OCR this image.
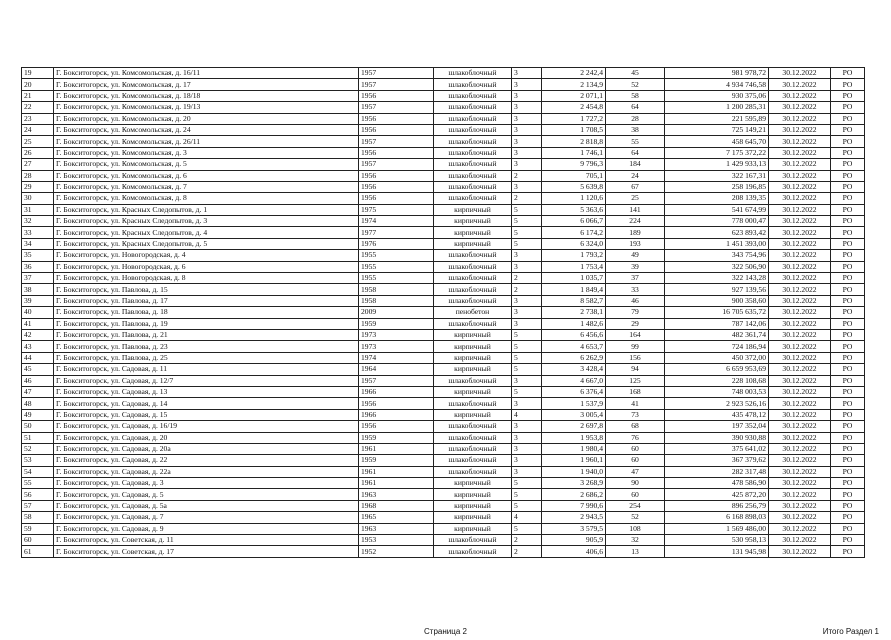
19	Г. Бокситогорск, ул. Комсомольская, д. 16/11	1957	шлакоблочный	3	2 242,4	45	981 978,72	30.12.2022	РО
20	Г. Бокситогорск, ул. Комсомольская, д. 17	1957	шлакоблочный	3	2 134,9	52	4 934 746,58	30.12.2022	РО
21	Г. Бокситогорск, ул. Комсомольская, д. 18/18	1956	шлакоблочный	3	2 071,1	58	930 375,06	30.12.2022	РО
22	Г. Бокситогорск, ул. Комсомольская, д. 19/13	1957	шлакоблочный	3	2 454,8	64	1 200 285,31	30.12.2022	РО
23	Г. Бокситогорск, ул. Комсомольская, д. 20	1956	шлакоблочный	3	1 727,2	28	221 595,89	30.12.2022	РО
24	Г. Бокситогорск, ул. Комсомольская, д. 24	1956	шлакоблочный	3	1 708,5	38	725 149,21	30.12.2022	РО
25	Г. Бокситогорск, ул. Комсомольская, д. 26/11	1957	шлакоблочный	3	2 818,8	55	458 645,70	30.12.2022	РО
26	Г. Бокситогорск, ул. Комсомольская, д. 3	1956	шлакоблочный	3	1 746,1	64	7 175 372,22	30.12.2022	РО
27	Г. Бокситогорск, ул. Комсомольская, д. 5	1957	шлакоблочный	3	9 796,3	184	1 429 933,13	30.12.2022	РО
28	Г. Бокситогорск, ул. Комсомольская, д. 6	1956	шлакоблочный	2	705,1	24	322 167,31	30.12.2022	РО
29	Г. Бокситогорск, ул. Комсомольская, д. 7	1956	шлакоблочный	3	5 639,8	67	258 196,85	30.12.2022	РО
30	Г. Бокситогорск, ул. Комсомольская, д. 8	1956	шлакоблочный	2	1 120,6	25	208 139,35	30.12.2022	РО
31	Г. Бокситогорск, ул. Красных Следопытов, д. 1	1975	кирпичный	5	5 363,6	141	541 674,99	30.12.2022	РО
32	Г. Бокситогорск, ул. Красных Следопытов, д. 3	1974	кирпичный	5	6 066,7	224	778 000,47	30.12.2022	РО
33	Г. Бокситогорск, ул. Красных Следопытов, д. 4	1977	кирпичный	5	6 174,2	189	623 893,42	30.12.2022	РО
34	Г. Бокситогорск, ул. Красных Следопытов, д. 5	1976	кирпичный	5	6 324,0	193	1 451 393,00	30.12.2022	РО
35	Г. Бокситогорск, ул. Новогородская, д. 4	1955	шлакоблочный	3	1 793,2	49	343 754,96	30.12.2022	РО
36	Г. Бокситогорск, ул. Новогородская, д. 6	1955	шлакоблочный	3	1 753,4	39	322 506,90	30.12.2022	РО
37	Г. Бокситогорск, ул. Новогородская, д. 8	1955	шлакоблочный	2	1 035,7	37	322 143,28	30.12.2022	РО
38	Г. Бокситогорск, ул. Павлова, д. 15	1958	шлакоблочный	2	1 849,4	33	927 139,56	30.12.2022	РО
39	Г. Бокситогорск, ул. Павлова, д. 17	1958	шлакоблочный	3	8 582,7	46	900 358,60	30.12.2022	РО
40	Г. Бокситогорск, ул. Павлова, д. 18	2009	пенобетон	3	2 738,1	79	16 705 635,72	30.12.2022	РО
41	Г. Бокситогорск, ул. Павлова, д. 19	1959	шлакоблочный	3	1 482,6	29	787 142,06	30.12.2022	РО
42	Г. Бокситогорск, ул. Павлова, д. 21	1973	кирпичный	5	6 456,6	164	482 361,74	30.12.2022	РО
43	Г. Бокситогорск, ул. Павлова, д. 23	1973	кирпичный	5	4 653,7	99	724 186,94	30.12.2022	РО
44	Г. Бокситогорск, ул. Павлова, д. 25	1974	кирпичный	5	6 262,9	156	450 372,00	30.12.2022	РО
45	Г. Бокситогорск, ул. Садовая, д. 11	1964	кирпичный	5	3 428,4	94	6 659 953,69	30.12.2022	РО
46	Г. Бокситогорск, ул. Садовая, д. 12/7	1957	шлакоблочный	3	4 667,0	125	228 108,68	30.12.2022	РО
47	Г. Бокситогорск, ул. Садовая, д. 13	1966	кирпичный	5	6 376,4	168	748 003,53	30.12.2022	РО
48	Г. Бокситогорск, ул. Садовая, д. 14	1956	шлакоблочный	3	1 537,9	41	2 923 526,16	30.12.2022	РО
49	Г. Бокситогорск, ул. Садовая, д. 15	1966	кирпичный	4	3 005,4	73	435 478,12	30.12.2022	РО
50	Г. Бокситогорск, ул. Садовая, д. 16/19	1956	шлакоблочный	3	2 697,8	68	197 352,04	30.12.2022	РО
51	Г. Бокситогорск, ул. Садовая, д. 20	1959	шлакоблочный	3	1 953,8	76	390 930,88	30.12.2022	РО
52	Г. Бокситогорск, ул. Садовая, д. 20а	1961	шлакоблочный	3	1 980,4	60	375 641,02	30.12.2022	РО
53	Г. Бокситогорск, ул. Садовая, д. 22	1959	шлакоблочный	3	1 960,1	60	367 379,62	30.12.2022	РО
54	Г. Бокситогорск, ул. Садовая, д. 22а	1961	шлакоблочный	3	1 940,0	47	282 317,48	30.12.2022	РО
55	Г. Бокситогорск, ул. Садовая, д. 3	1961	кирпичный	5	3 268,9	90	478 586,90	30.12.2022	РО
56	Г. Бокситогорск, ул. Садовая, д. 5	1963	кирпичный	5	2 686,2	60	425 872,20	30.12.2022	РО
57	Г. Бокситогорск, ул. Садовая, д. 5а	1968	кирпичный	5	7 990,6	254	896 256,79	30.12.2022	РО
58	Г. Бокситогорск, ул. Садовая, д. 7	1965	кирпичный	4	2 943,5	52	6 168 898,03	30.12.2022	РО
59	Г. Бокситогорск, ул. Садовая, д. 9	1963	кирпичный	5	3 579,5	108	1 569 486,00	30.12.2022	РО
60	Г. Бокситогорск, ул. Советская, д. 11	1953	шлакоблочный	2	905,9	32	530 958,13	30.12.2022	РО
61	Г. Бокситогорск, ул. Советская, д. 17	1952	шлакоблочный	2	406,6	13	131 945,98	30.12.2022	РО
Страница 2	Итого Раздел 1
